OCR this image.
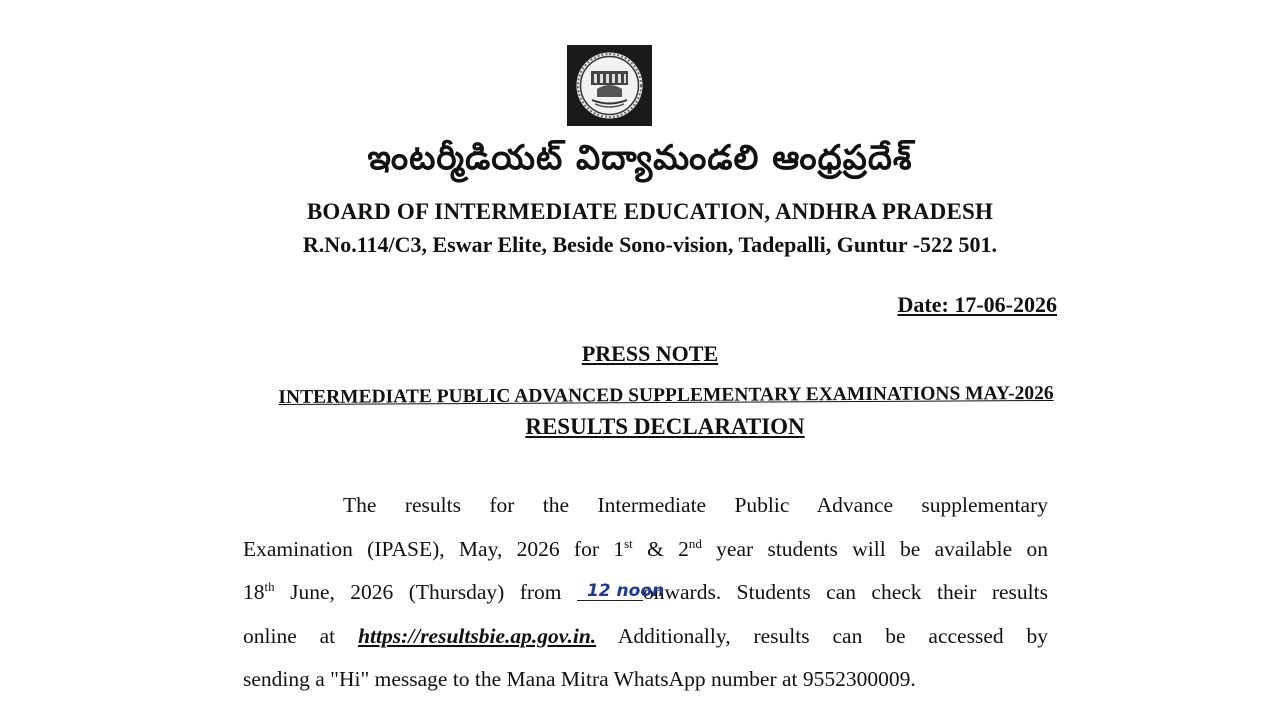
ఇంటర్మీడియట్ విద్యామండలి ఆంధ్రప్రదేశ్
BOARD OF INTERMEDIATE EDUCATION, ANDHRA PRADESH
R.No.114/C3, Eswar Elite, Beside Sono-vision, Tadepalli, Guntur -522 501.
Date: 17-06-2026
PRESS NOTE
INTERMEDIATE PUBLIC ADVANCED SUPPLEMENTARY EXAMINATIONS MAY-2026
RESULTS DECLARATION
The results for the Intermediate Public Advance supplementary
Examination (IPASE), May, 2026 for 1st & 2nd year students will be available on
18th June, 2026 (Thursday) from 12 noon
onwards. Students can check their results
online at https://resultsbie.ap.gov.in. Additionally, results can be accessed by
sending a "Hi" message to the Mana Mitra WhatsApp number at 9552300009.
